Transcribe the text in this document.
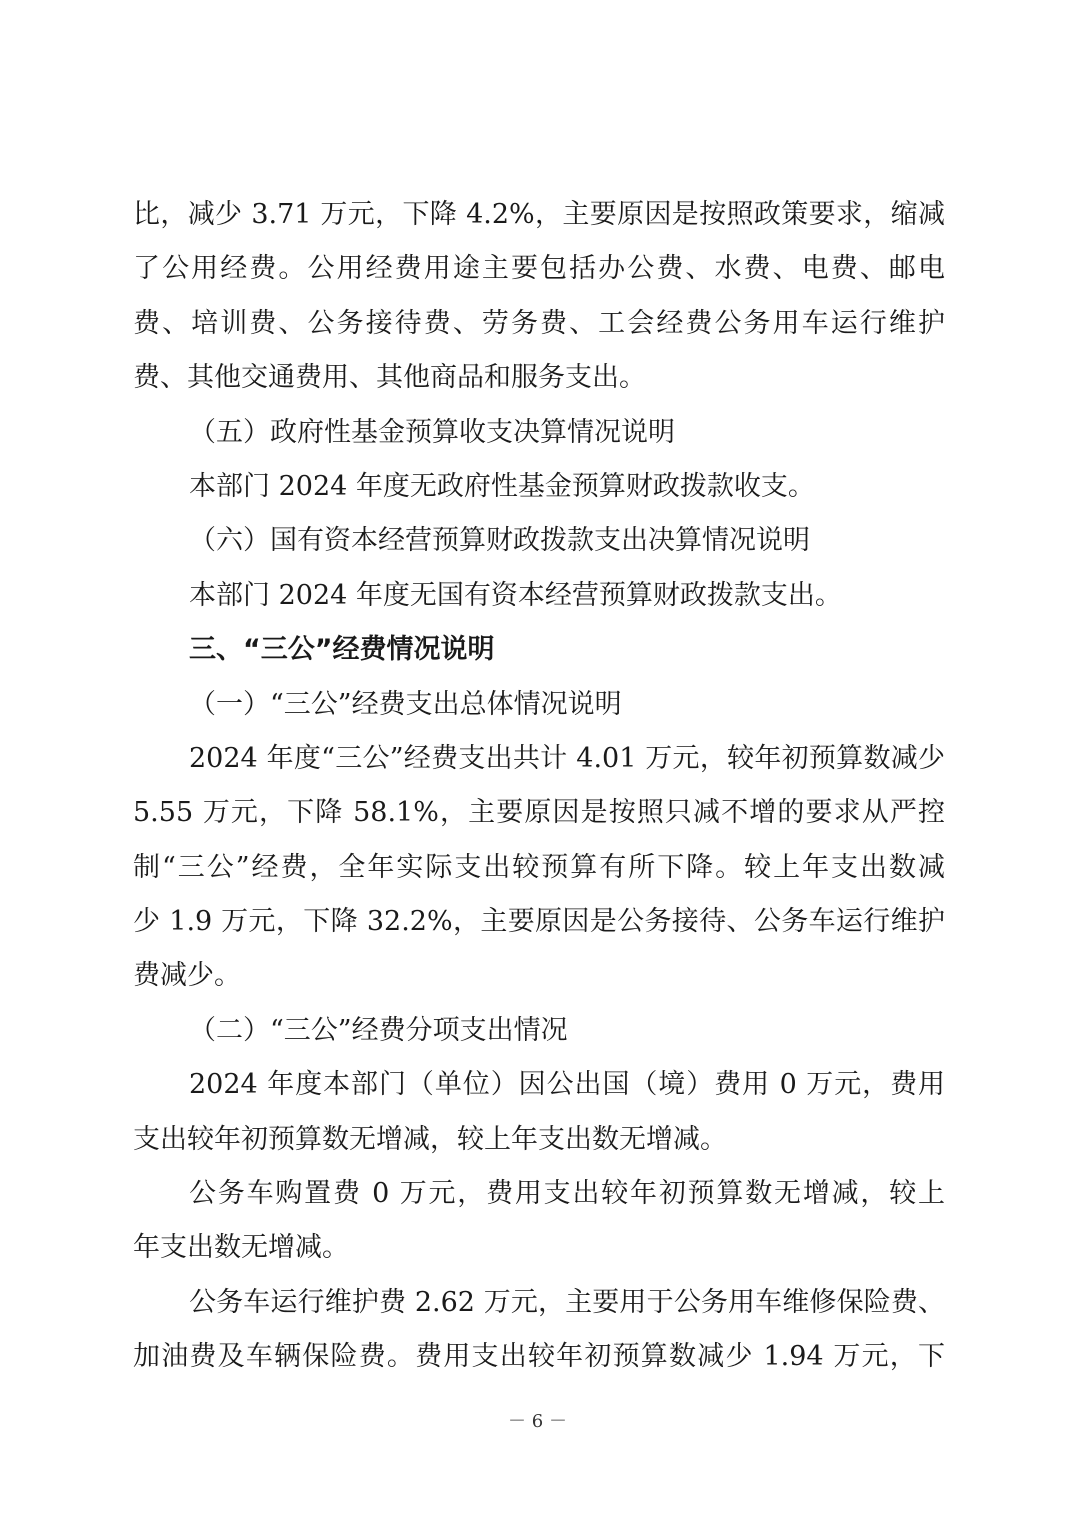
比，减少 3.71 万元，下降 4.2%，主要原因是按照政策要求，缩减
了公用经费。公用经费用途主要包括办公费、水费、电费、邮电
费、培训费、公务接待费、劳务费、工会经费公务用车运行维护
费、其他交通费用、其他商品和服务支出。
（五）政府性基金预算收支决算情况说明
本部门 2024 年度无政府性基金预算财政拨款收支。
（六）国有资本经营预算财政拨款支出决算情况说明
本部门 2024 年度无国有资本经营预算财政拨款支出。
三、“三公”经费情况说明
（一）“三公”经费支出总体情况说明
2024 年度“三公”经费支出共计 4.01 万元，较年初预算数减少
5.55 万元，下降 58.1%，主要原因是按照只减不增的要求从严控
制“三公”经费，全年实际支出较预算有所下降。较上年支出数减
少 1.9 万元，下降 32.2%，主要原因是公务接待、公务车运行维护
费减少。
（二）“三公”经费分项支出情况
2024 年度本部门（单位）因公出国（境）费用 0 万元，费用
支出较年初预算数无增减，较上年支出数无增减。
公务车购置费 0 万元，费用支出较年初预算数无增减，较上
年支出数无增减。
公务车运行维护费 2.62 万元，主要用于公务用车维修保险费、
加油费及车辆保险费。费用支出较年初预算数减少 1.94 万元，下
－ 6 －
